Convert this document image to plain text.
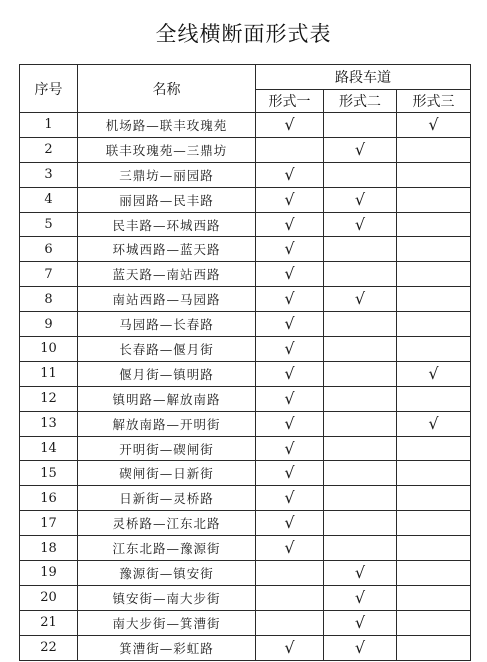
全线横断面形式表
序号	名称	路段车道		
		形式一	形式二	形式三
1	机场路—联丰玫瑰苑	√		√
2	联丰玫瑰苑—三鼎坊		√	
3	三鼎坊—丽园路	√		
4	丽园路—民丰路	√	√	
5	民丰路—环城西路	√	√	
6	环城西路—蓝天路	√		
7	蓝天路—南站西路	√		
8	南站西路—马园路	√	√	
9	马园路—长春路	√		
10	长春路—偃月街	√		
11	偃月街—镇明路	√		√
12	镇明路—解放南路	√		
13	解放南路—开明街	√		√
14	开明街—碶闸街	√		
15	碶闸街—日新街	√		
16	日新街—灵桥路	√		
17	灵桥路—江东北路	√		
18	江东北路—豫源街	√		
19	豫源街—镇安街		√	
20	镇安街—南大步街		√	
21	南大步街—箕漕街		√	
22	箕漕街—彩虹路	√	√	
